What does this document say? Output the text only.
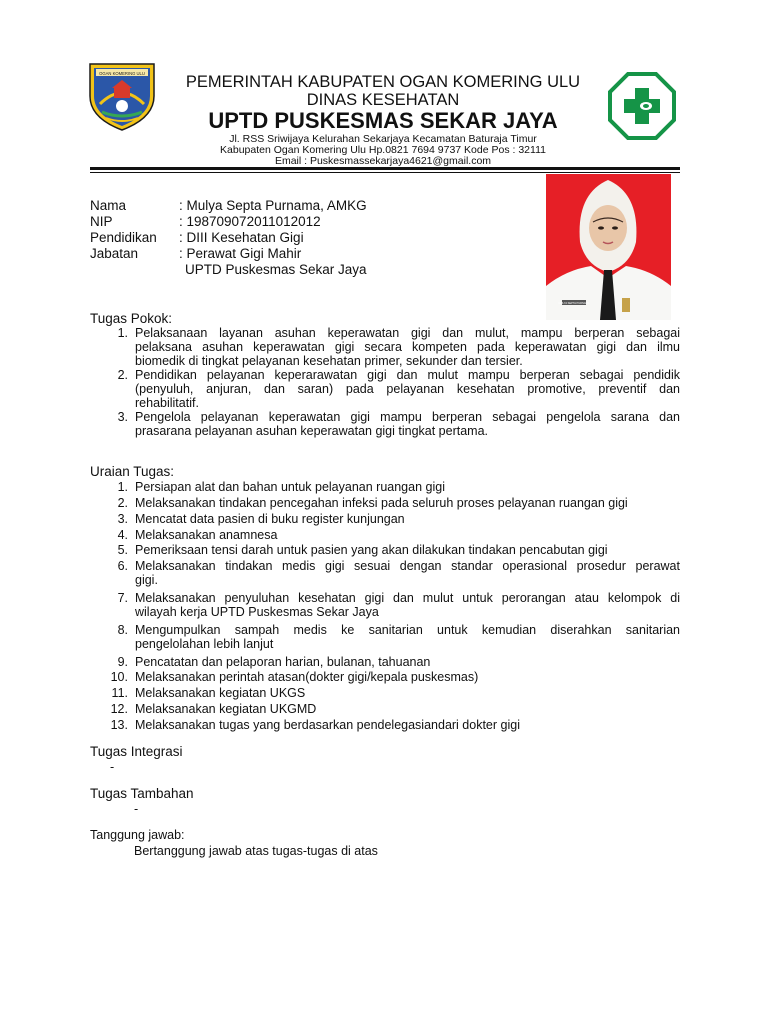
OGAN KOMERING ULU	PEMERINTAH KABUPATEN OGAN KOMERING ULU
DINAS KESEHATAN
UPTD PUSKESMAS SEKAR JAYA
Jl. RSS Sriwijaya Kelurahan Sekarjaya Kecamatan Baturaja Timur
Kabupaten Ogan Komering Ulu Hp.0821 7694 9737 Kode Pos : 32111
Email : Puskesmassekarjaya4621@gmail.com
Nama	: Mulya Septa Purnama, AMKG
NIP	: 198709072011012012
Pendidikan : DIII Kesehatan Gigi
Jabatan	: Perawat Gigi Mahir
UPTD Puskesmas Sekar Jaya
MULYA SEPTA PURNAMA
Tugas Pokok:
1. Pelaksanaan layanan asuhan keperawatan gigi dan mulut, mampu berperan sebagai
pelaksana asuhan keperawatan gigi secara kompeten pada keperawatan gigi dan ilmu
biomedik di tingkat pelayanan kesehatan primer, sekunder dan tersier.
2. Pendidikan pelayanan keperarawatan gigi dan mulut mampu berperan sebagai pendidik
(penyuluh, anjuran, dan saran) pada pelayanan kesehatan promotive, preventif dan
rehabilitatif.
3. Pengelola pelayanan keperawatan gigi mampu berperan sebagai pengelola sarana dan
prasarana pelayanan asuhan keperawatan gigi tingkat pertama.
Uraian Tugas:
1. Persiapan alat dan bahan untuk pelayanan ruangan gigi
2. Melaksanakan tindakan pencegahan infeksi pada seluruh proses pelayanan ruangan gigi
3. Mencatat data pasien di buku register kunjungan
4. Melaksanakan anamnesa
5. Pemeriksaan tensi darah untuk pasien yang akan dilakukan tindakan pencabutan gigi
6. Melaksanakan tindakan medis gigi sesuai dengan standar operasional prosedur perawat
gigi.
7. Melaksanakan penyuluhan kesehatan gigi dan mulut untuk perorangan atau kelompok di
wilayah kerja UPTD Puskesmas Sekar Jaya
8. Mengumpulkan sampah medis ke sanitarian untuk kemudian diserahkan sanitarian
pengelolahan lebih lanjut
9. Pencatatan dan pelaporan harian, bulanan, tahuanan
10. Melaksanakan perintah atasan(dokter gigi/kepala puskesmas)
11. Melaksanakan kegiatan UKGS
12. Melaksanakan kegiatan UKGMD
13. Melaksanakan tugas yang berdasarkan pendelegasiandari dokter gigi
Tugas Integrasi
-
Tugas Tambahan
-
Tanggung jawab:
Bertanggung jawab atas tugas-tugas di atas
